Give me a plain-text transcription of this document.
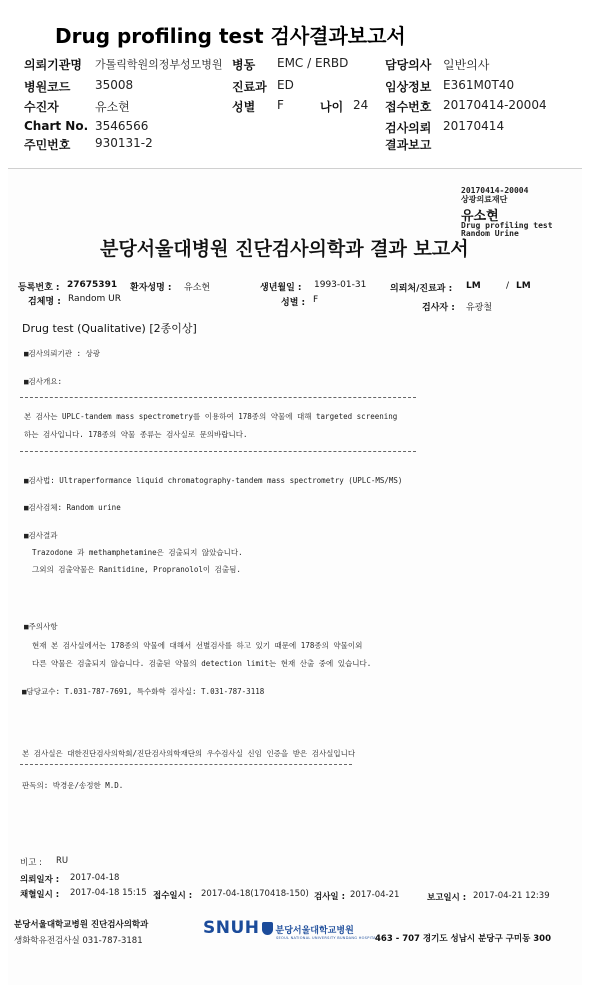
Drug profiling test 검사결과보고서
의뢰기관명 가톨릭학원의정부성모병원 병동 EMC / ERBD	담당의사 일반의사
병원코드 35008	진료과 ED	임상정보 E361M0T40
수진자	유소현	성별 F	나이 24 접수번호 20170414-20004
Chart No. 3546566	검사의뢰 20170414
주민번호 930131-2	결과보고
20170414-20004
상광의료재단
유소현
Drug profiling test
Random Urine
분당서울대병원 진단검사의학과 결과 보고서
등록번호 : 27675391 환자성명 : 유소현	생년월일 : 1993-01-31	의뢰처/진료과 : LM	/ LM
검체명 : Random UR	성별 : F
검사자 : 유광철
Drug test (Qualitative) [2종이상]
■검사의뢰기관 : 상광
■검사개요:
본 검사는 UPLC-tandem mass spectrometry를 이용하여 178종의 약물에 대해 targeted screening
하는 검사입니다. 178종의 약물 종류는 검사실로 문의바랍니다.
■검사법: Ultraperformance liquid chromatography-tandem mass spectrometry (UPLC-MS/MS)
■검사검체: Random urine
■검사결과
Trazodone 과 methamphetamine은 검출되지 않았습니다.
그외의 검출약물은 Ranitidine, Propranolol이 검출됨.
■주의사항
현재 본 검사실에서는 178종의 약물에 대해서 선별검사를 하고 있기 때문에 178종의 약물이외
다른 약물은 검출되지 않습니다. 검출된 약물의 detection limit는 현재 산출 중에 있습니다.
■담당교수: T.031-787-7691, 특수화학 검사실: T.031-787-3118
본 검사실은 대한진단검사의학회/진단검사의학재단의 우수검사실 신임 인증을 받은 검사실입니다
판독의: 박경운/송정한 M.D.
비고 : RU
의뢰일자 : 2017-04-18
채혈일시 : 2017-04-18 15:15 접수일시 : 2017-04-18(170418-150) 검사일 : 2017-04-21	보고일시 : 2017-04-21 12:39
분당서울대학교병원 진단검사의학과
생화학유전검사실 031-787-3181
SNUH 분당서울대학교병원
SEOUL NATIONAL UNIVERSITY BUNDANG HOSPITAL
463 - 707 경기도 성남시 분당구 구미동 300
